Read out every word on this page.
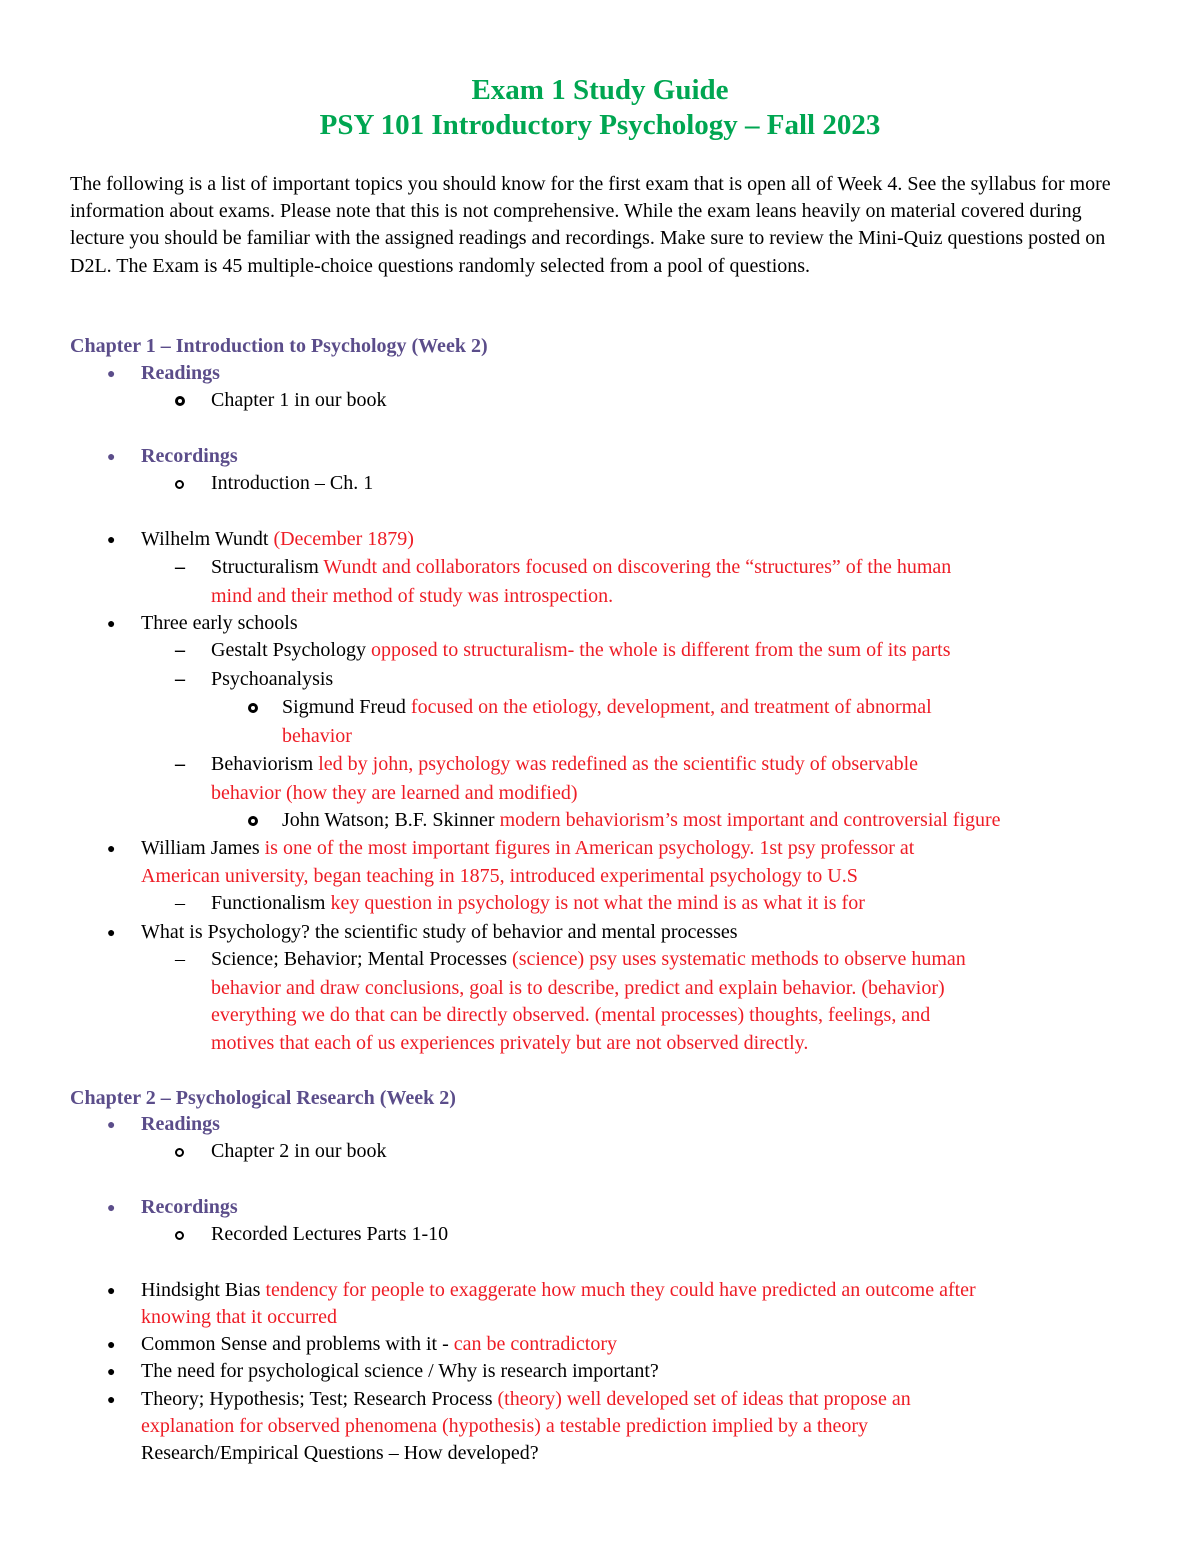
Exam 1 Study Guide
PSY 101 Introductory Psychology – Fall 2023
The following is a list of important topics you should know for the first exam that is open all of Week 4. See the syllabus for more information about exams. Please note that this is not comprehensive. While the exam leans heavily on material covered during lecture you should be familiar with the assigned readings and recordings. Make sure to review the Mini-Quiz questions posted on D2L. The Exam is 45 multiple-choice questions randomly selected from a pool of questions.
Chapter 1 – Introduction to Psychology (Week 2)
● Readings
Chapter 1 in our book
● Recordings
Introduction – Ch. 1
● Wilhelm Wundt (December 1879)
– Structuralism Wundt and collaborators focused on discovering the “structures” of the human
mind and their method of study was introspection.
● Three early schools
– Gestalt Psychology opposed to structuralism- the whole is different from the sum of its parts
– Psychoanalysis
Sigmund Freud focused on the etiology, development, and treatment of abnormal
behavior
– Behaviorism led by john, psychology was redefined as the scientific study of observable
behavior (how they are learned and modified)
John Watson; B.F. Skinner modern behaviorism’s most important and controversial figure
● William James is one of the most important figures in American psychology. 1st psy professor at
American university, began teaching in 1875, introduced experimental psychology to U.S
– Functionalism key question in psychology is not what the mind is as what it is for
● What is Psychology? the scientific study of behavior and mental processes
– Science; Behavior; Mental Processes (science) psy uses systematic methods to observe human
behavior and draw conclusions, goal is to describe, predict and explain behavior. (behavior)
everything we do that can be directly observed. (mental processes) thoughts, feelings, and
motives that each of us experiences privately but are not observed directly.
Chapter 2 – Psychological Research (Week 2)
● Readings
Chapter 2 in our book
● Recordings
Recorded Lectures Parts 1-10
● Hindsight Bias tendency for people to exaggerate how much they could have predicted an outcome after
knowing that it occurred
● Common Sense and problems with it - can be contradictory
● The need for psychological science / Why is research important?
● Theory; Hypothesis; Test; Research Process (theory) well developed set of ideas that propose an
explanation for observed phenomena (hypothesis) a testable prediction implied by a theory
Research/Empirical Questions – How developed?
